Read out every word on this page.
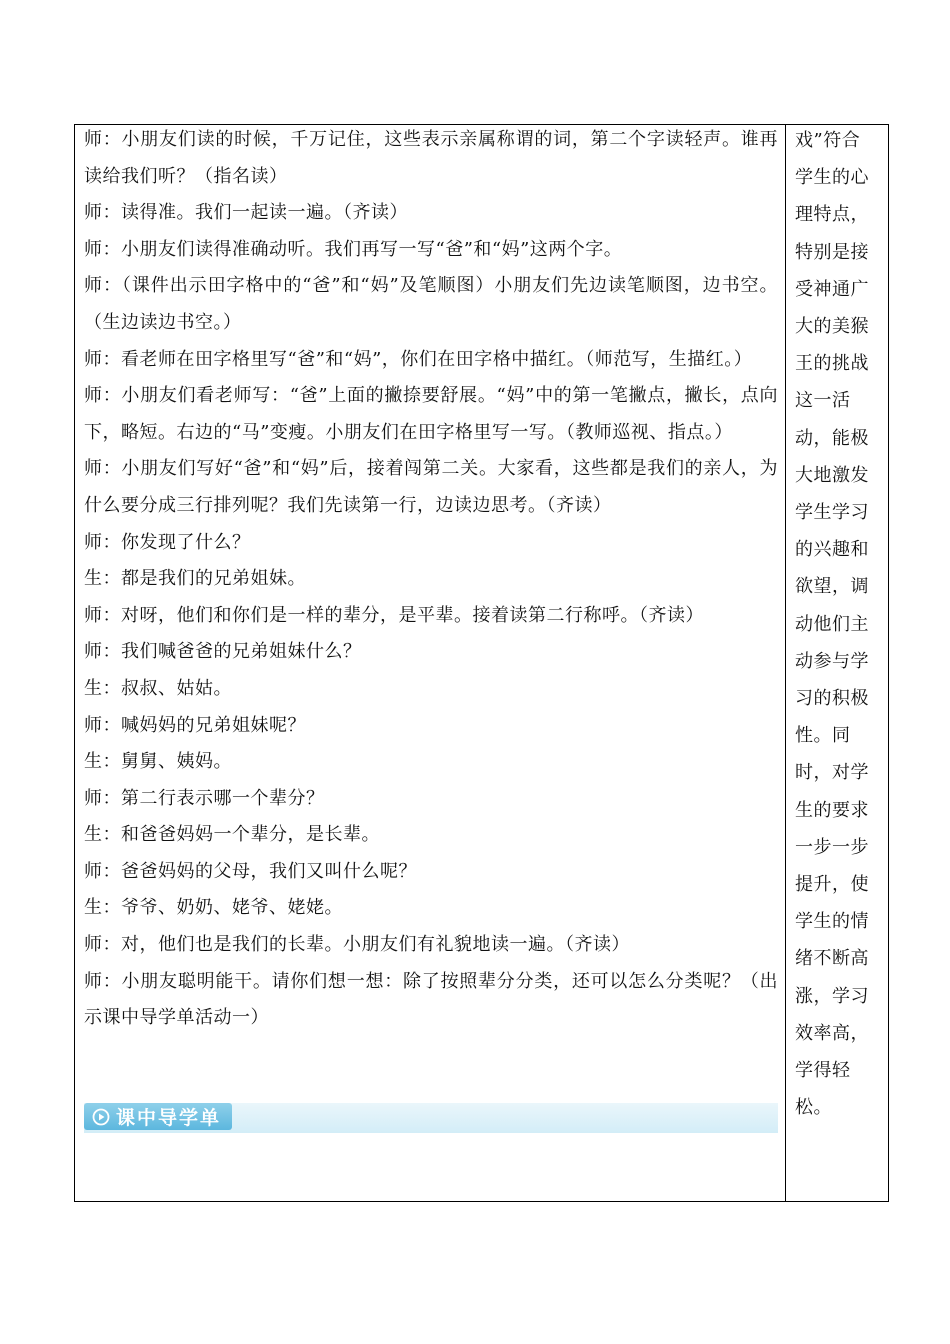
师：小朋友们读的时候，千万记住，这些表示亲属称谓的词，第二个字读轻声。谁再读给我们听？（指名读）

师：读得准。我们一起读一遍。（齐读）

师：小朋友们读得准确动听。我们再写一写“爸”和“妈”这两个字。

师：（课件出示田字格中的“爸”和“妈”及笔顺图）小朋友们先边读笔顺图，边书空。（生边读边书空。）

师：看老师在田字格里写“爸”和“妈”，你们在田字格中描红。（师范写，生描红。）

师：小朋友们看老师写：“爸”上面的撇捺要舒展。“妈”中的第一笔撇点，撇长，点向下，略短。右边的“马”变瘦。小朋友们在田字格里写一写。（教师巡视、指点。）

师：小朋友们写好“爸”和“妈”后，接着闯第二关。大家看，这些都是我们的亲人，为什么要分成三行排列呢？我们先读第一行，边读边思考。（齐读）

师：你发现了什么？

生：都是我们的兄弟姐妹。

师：对呀，他们和你们是一样的辈分，是平辈。接着读第二行称呼。（齐读）

师：我们喊爸爸的兄弟姐妹什么？

生：叔叔、姑姑。

师：喊妈妈的兄弟姐妹呢？

生：舅舅、姨妈。

师：第二行表示哪一个辈分？

生：和爸爸妈妈一个辈分，是长辈。

师：爸爸妈妈的父母，我们又叫什么呢？

生：爷爷、奶奶、姥爷、姥姥。

师：对，他们也是我们的长辈。小朋友们有礼貌地读一遍。（齐读）

师：小朋友聪明能干。请你们想一想：除了按照辈分分类，还可以怎么分类呢？（出示课中导学单活动一）

戏”符合
学生的心
理特点，
特别是接
受神通广
大的美猴
王的挑战
这一活
动，能极
大地激发
学生学习
的兴趣和
欲望，调
动他们主
动参与学
习的积极
性。同
时，对学
生的要求
一步一步
提升，使
学生的情
绪不断高
涨，学习
效率高，
学得轻
松。
课中导学单
